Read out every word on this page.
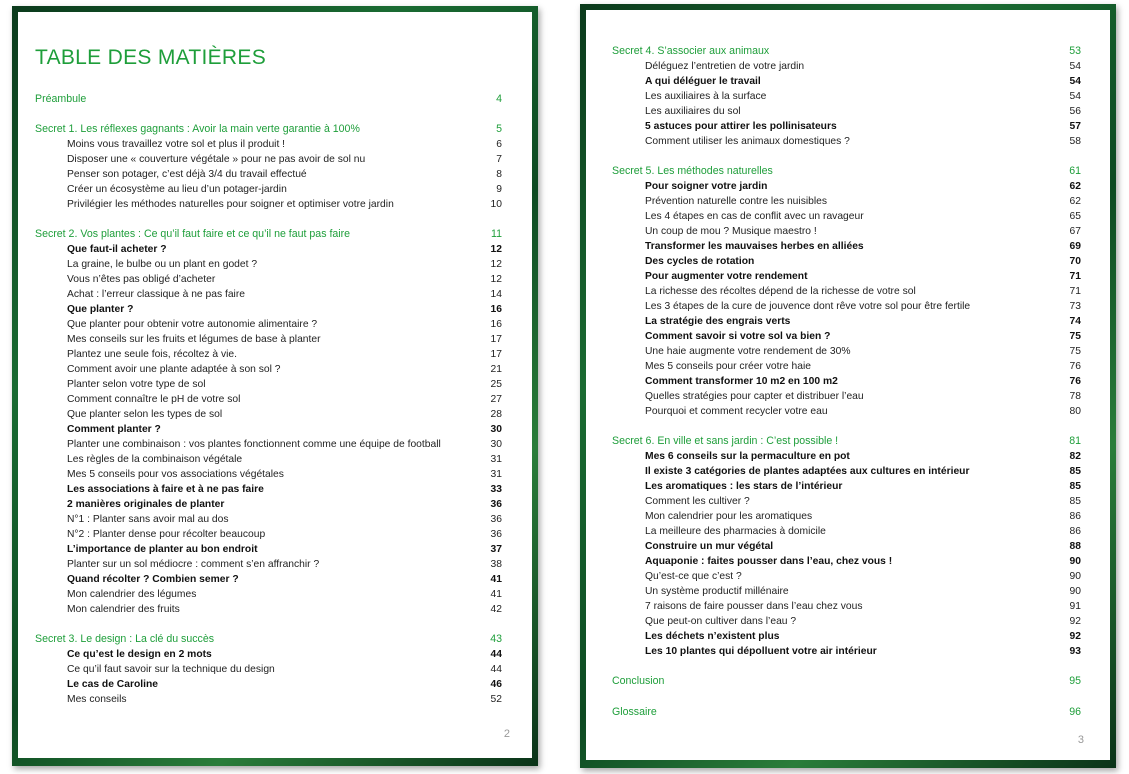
TABLE DES MATIÈRES
Préambule	4
Secret 1. Les réflexes gagnants : Avoir la main verte garantie à 100%	5
Moins vous travaillez votre sol et plus il produit !	6
Disposer une « couverture végétale » pour ne pas avoir de sol nu	7
Penser son potager, c’est déjà 3/4 du travail effectué	8
Créer un écosystème au lieu d’un potager-jardin	9
Privilégier les méthodes naturelles pour soigner et optimiser votre jardin	10
Secret 2. Vos plantes : Ce qu’il faut faire et ce qu’il ne faut pas faire	11
Que faut-il acheter ?	12
La graine, le bulbe ou un plant en godet ?	12
Vous n’êtes pas obligé d’acheter	12
Achat : l’erreur classique à ne pas faire	14
Que planter ?	16
Que planter pour obtenir votre autonomie alimentaire ?	16
Mes conseils sur les fruits et légumes de base à planter	17
Plantez une seule fois, récoltez à vie.	17
Comment avoir une plante adaptée à son sol ?	21
Planter selon votre type de sol	25
Comment connaître le pH de votre sol	27
Que planter selon les types de sol	28
Comment planter ?	30
Planter une combinaison : vos plantes fonctionnent comme une équipe de football	30
Les règles de la combinaison végétale	31
Mes 5 conseils pour vos associations végétales	31
Les associations à faire et à ne pas faire	33
2 manières originales de planter	36
N°1 : Planter sans avoir mal au dos	36
N°2 : Planter dense pour récolter beaucoup	36
L’importance de planter au bon endroit	37
Planter sur un sol médiocre : comment s’en affranchir ?	38
Quand récolter ? Combien semer ?	41
Mon calendrier des légumes	41
Mon calendrier des fruits	42
Secret 3. Le design : La clé du succès	43
Ce qu’est le design en 2 mots	44
Ce qu’il faut savoir sur la technique du design	44
Le cas de Caroline	46
Mes conseils	52
2
Secret 4. S’associer aux animaux	53
Déléguez l’entretien de votre jardin	54
A qui déléguer le travail	54
Les auxiliaires à la surface	54
Les auxiliaires du sol	56
5 astuces pour attirer les pollinisateurs	57
Comment utiliser les animaux domestiques ?	58
Secret 5. Les méthodes naturelles	61
Pour soigner votre jardin	62
Prévention naturelle contre les nuisibles	62
Les 4 étapes en cas de conflit avec un ravageur	65
Un coup de mou ? Musique maestro !	67
Transformer les mauvaises herbes en alliées	69
Des cycles de rotation	70
Pour augmenter votre rendement	71
La richesse des récoltes dépend de la richesse de votre sol	71
Les 3 étapes de la cure de jouvence dont rêve votre sol pour être fertile	73
La stratégie des engrais verts	74
Comment savoir si votre sol va bien ?	75
Une haie augmente votre rendement de 30%	75
Mes 5 conseils pour créer votre haie	76
Comment transformer 10 m2 en 100 m2	76
Quelles stratégies pour capter et distribuer l’eau	78
Pourquoi et comment recycler votre eau	80
Secret 6. En ville et sans jardin : C’est possible !	81
Mes 6 conseils sur la permaculture en pot	82
Il existe 3 catégories de plantes adaptées aux cultures en intérieur	85
Les aromatiques : les stars de l’intérieur	85
Comment les cultiver ?	85
Mon calendrier pour les aromatiques	86
La meilleure des pharmacies à domicile	86
Construire un mur végétal	88
Aquaponie : faites pousser dans l’eau, chez vous !	90
Qu’est-ce que c’est ?	90
Un système productif millénaire	90
7 raisons de faire pousser dans l’eau chez vous	91
Que peut-on cultiver dans l’eau ?	92
Les déchets n’existent plus	92
Les 10 plantes qui dépolluent votre air intérieur	93
Conclusion	95
Glossaire	96
3
